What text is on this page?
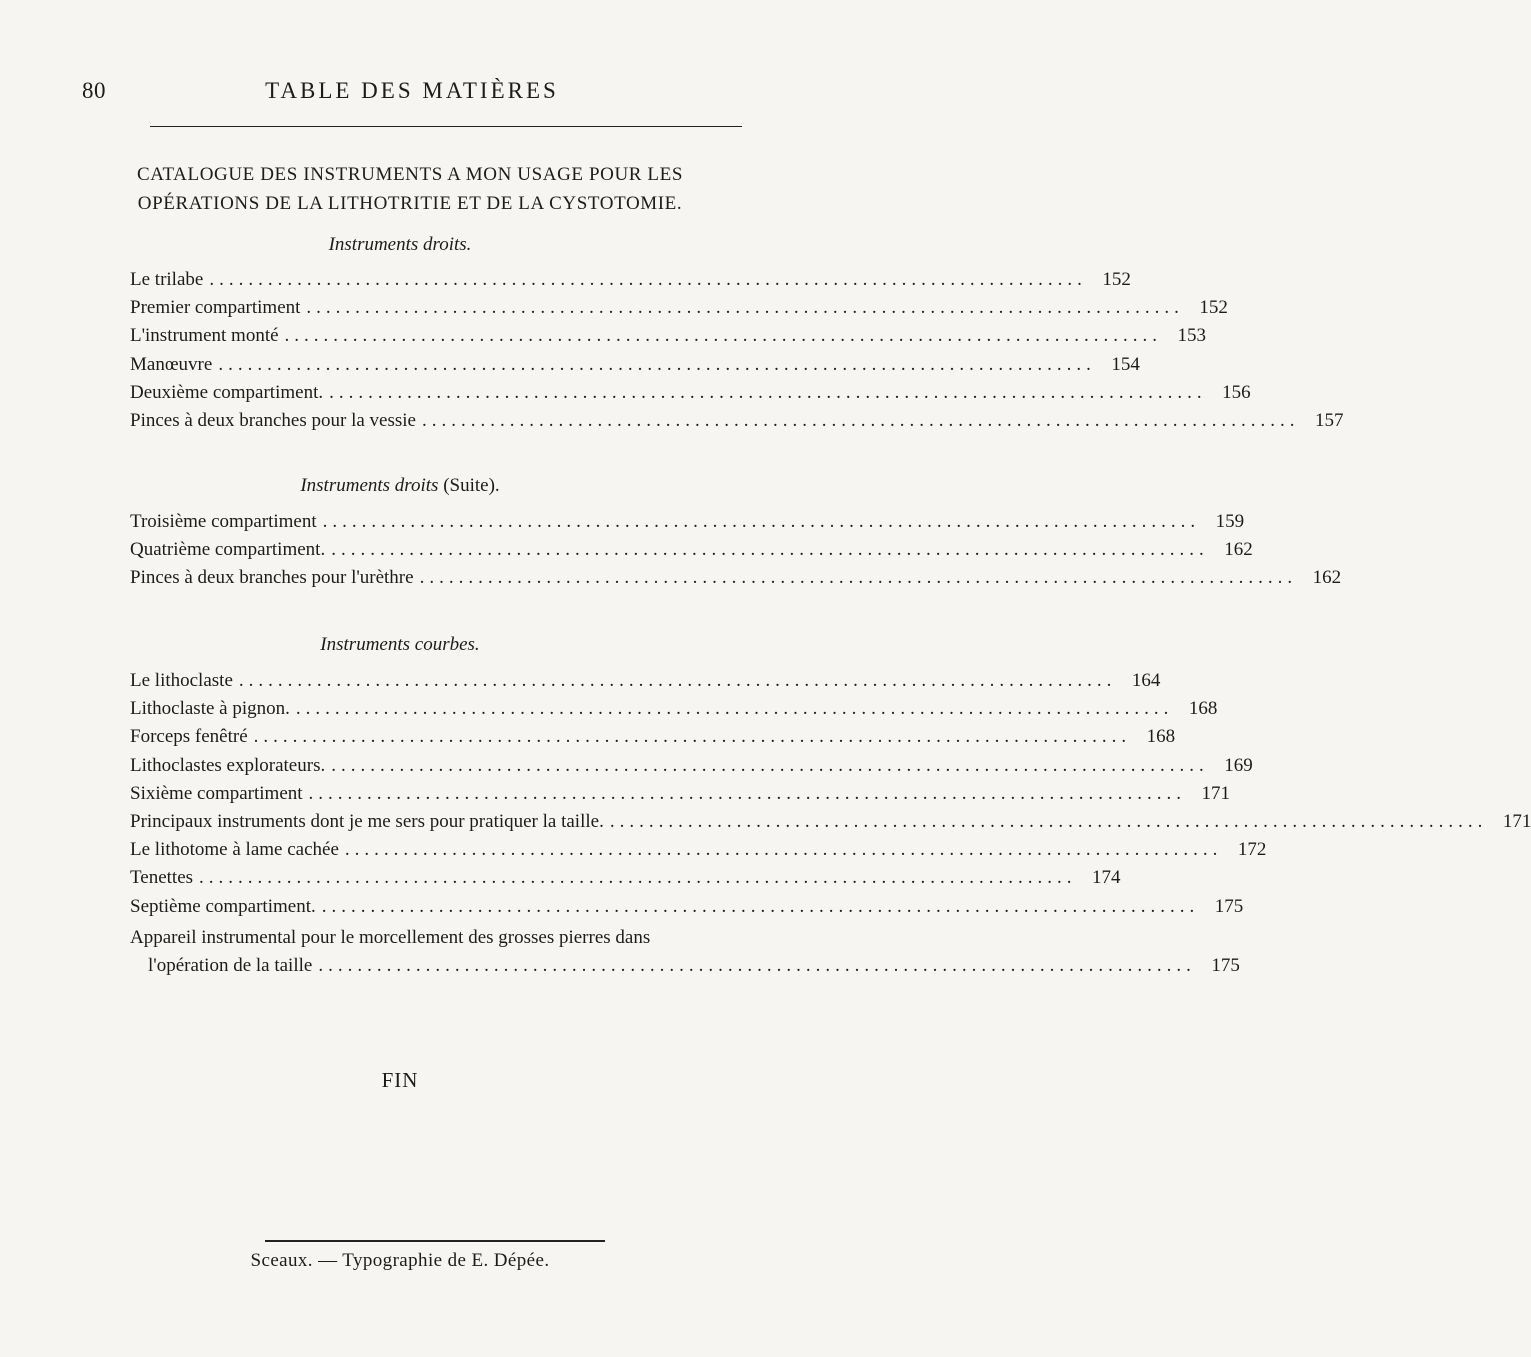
80	TABLE DES MATIÈRES
CATALOGUE DES INSTRUMENTS A MON USAGE POUR LES
OPÉRATIONS DE LA LITHOTRITIE ET DE LA CYSTOTOMIE.
Instruments droits.
Le trilabe .......................................................................................... 152
Premier compartiment .......................................................................................... 152
L'instrument monté .......................................................................................... 153
Manœuvre .......................................................................................... 154
Deuxième compartiment. .......................................................................................... 156
Pinces à deux branches pour la vessie .......................................................................................... 157
Instruments droits (Suite).
Troisième compartiment .......................................................................................... 159
Quatrième compartiment. .......................................................................................... 162
Pinces à deux branches pour l'urèthre .......................................................................................... 162
Instruments courbes.
Le lithoclaste .......................................................................................... 164
Lithoclaste à pignon. .......................................................................................... 168
Forceps fenêtré .......................................................................................... 168
Lithoclastes explorateurs. .......................................................................................... 169
Sixième compartiment .......................................................................................... 171
Principaux instruments dont je me sers pour pratiquer la taille. .......................................................................................... 171
Le lithotome à lame cachée .......................................................................................... 172
Tenettes .......................................................................................... 174
Septième compartiment. .......................................................................................... 175
Appareil instrumental pour le morcellement des grosses pierres dans
l'opération de la taille .......................................................................................... 175
FIN
Sceaux. — Typographie de E. Dépée.
